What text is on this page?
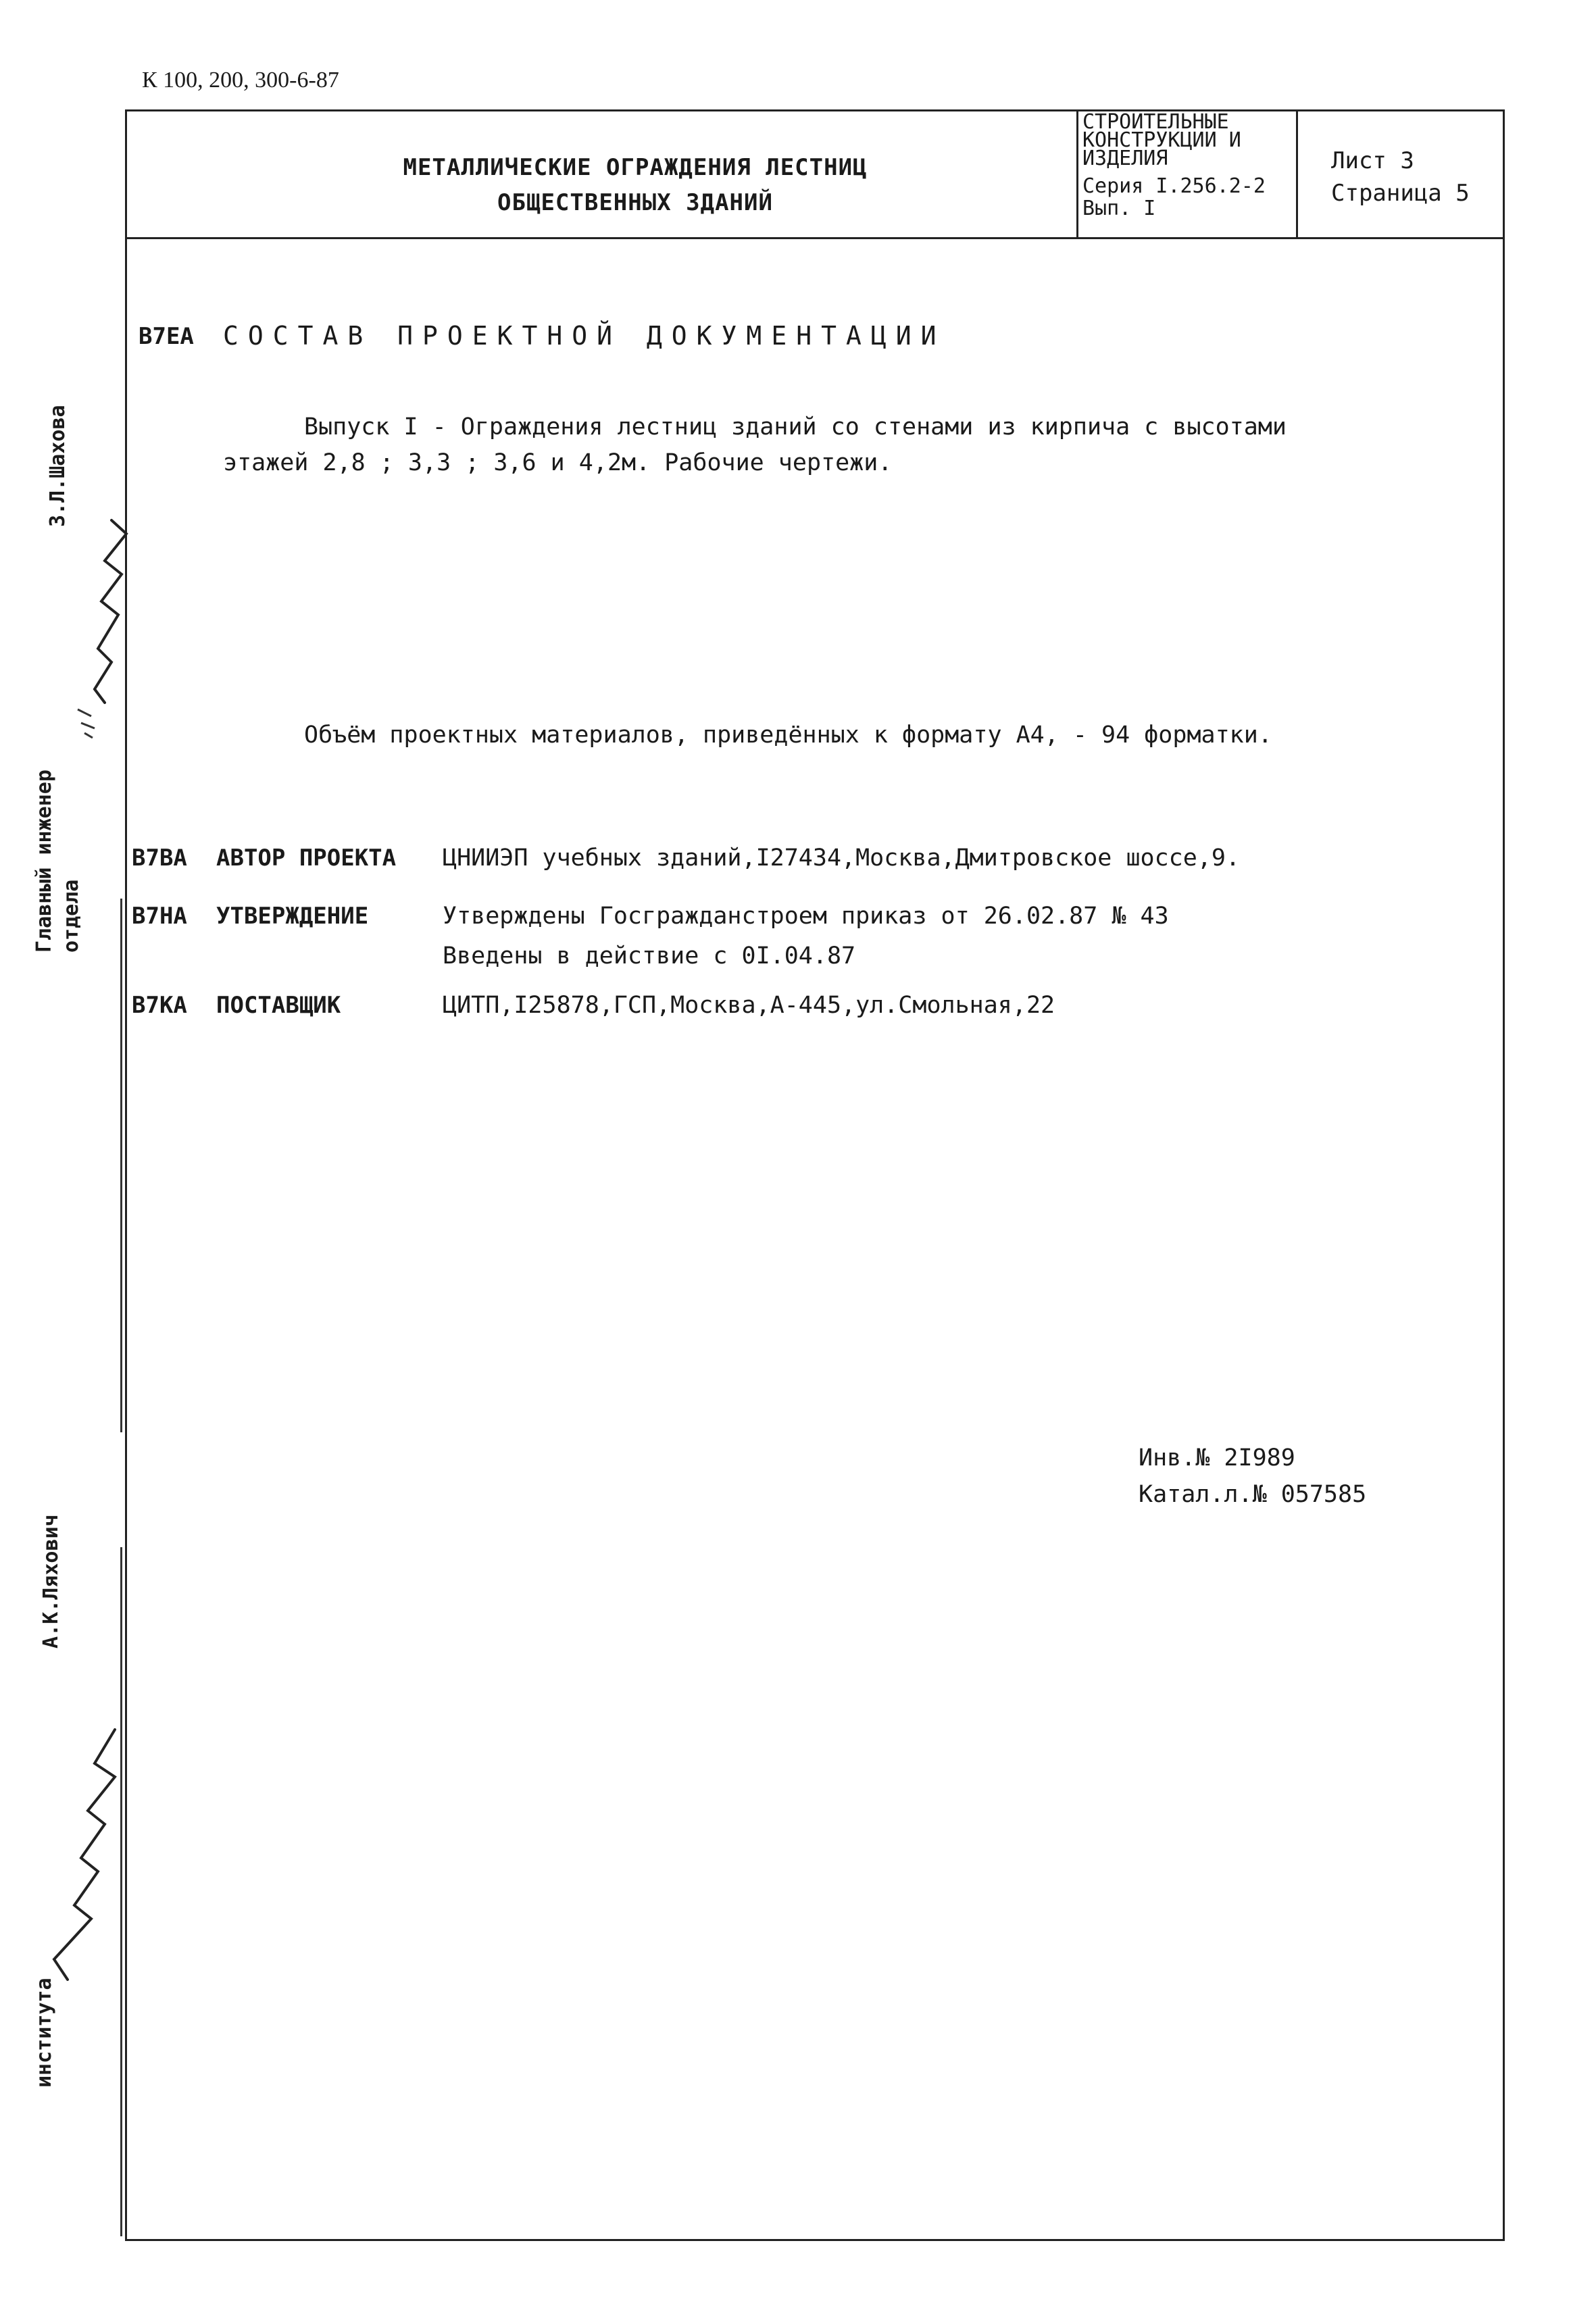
К 100, 200, 300-6-87
МЕТАЛЛИЧЕСКИЕ ОГРАЖДЕНИЯ ЛЕСТНИЦ
ОБЩЕСТВЕННЫХ ЗДАНИЙ
СТРОИТЕЛЬНЫЕ
КОНСТРУКЦИИ И
ИЗДЕЛИЯ
Серия I.256.2-2
Вып. I
Лист 3
Страница 5
В7ЕА СОСТАВ ПРОЕКТНОЙ ДОКУМЕНТАЦИИ
Выпуск I - Ограждения лестниц зданий со стенами из кирпича с высотами
этажей 2,8 ; 3,3 ; 3,6 и 4,2м. Рабочие чертежи.
Объём проектных материалов, приведённых к формату А4, - 94 форматки.
В7ВА АВТОР ПРОЕКТА ЦНИИЭП учебных зданий,I27434,Москва,Дмитровское шоссе,9.
В7НА УТВЕРЖДЕНИЕ	Утверждены Госгражданстроем приказ от 26.02.87 № 43
Введены в действие с 0I.04.87
В7КА ПОСТАВЩИК	ЦИТП,I25878,ГСП,Москва,А-445,ул.Смольная,22
Инв.№ 2I989
Катал.л.№ 057585
Главный инженер отдела
З.Л.Шахова
института
А.К.Ляхович
